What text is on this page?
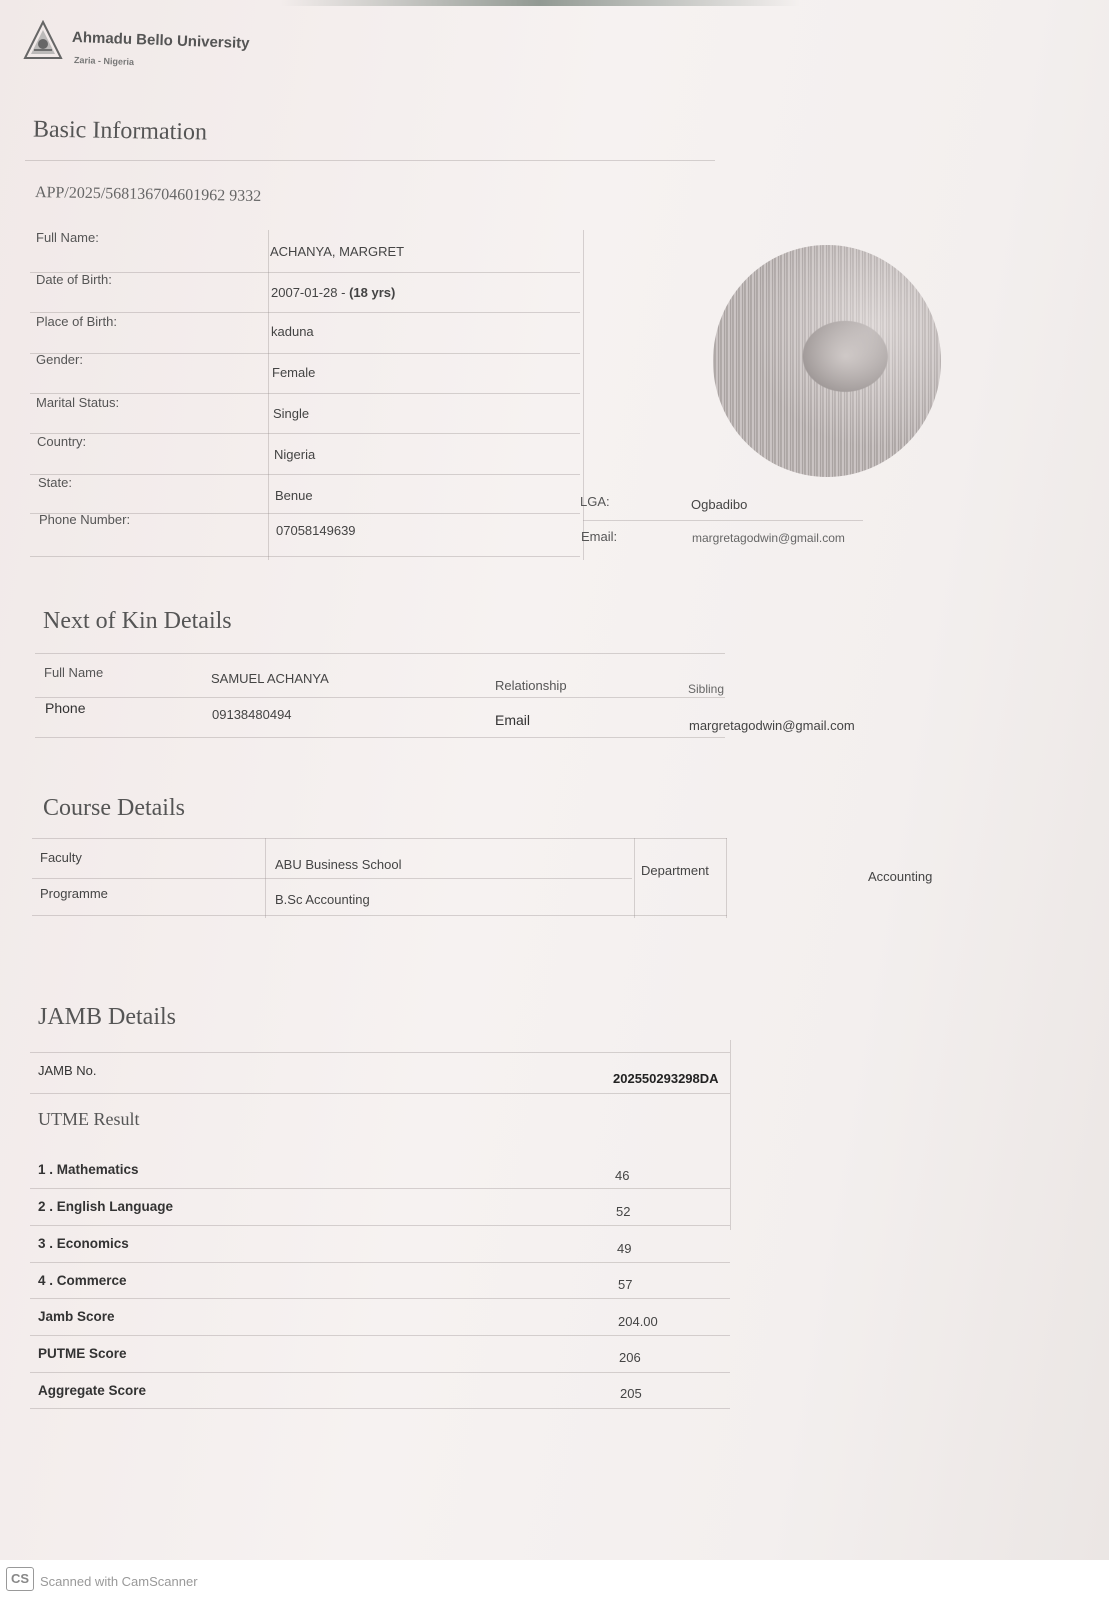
Ahmadu Bello University
Zaria - Nigeria
Basic Information
APP/2025/568136704601962 9332
Full Name:
ACHANYA, MARGRET
Date of Birth:
2007-01-28 - (18 yrs)
Place of Birth:
kaduna
Gender:
Female
Marital Status:
Single
Country:
Nigeria
State:
Benue	LGA:	Ogbadibo
Phone Number:
07058149639	Email:	margretagodwin@gmail.com
Next of Kin Details
Full Name	SAMUEL ACHANYA	Relationship	Sibling
Phone	09138480494	Email	margretagodwin@gmail.com
Course Details
Faculty	ABU Business School	Department	Accounting
Programme	B.Sc Accounting
JAMB Details
JAMB No.
202550293298DA
UTME Result
1 . Mathematics	46
2 . English Language	52
3 . Economics	49
4 . Commerce	57
Jamb Score	204.00
PUTME Score	206
Aggregate Score	205
CS Scanned with CamScanner
